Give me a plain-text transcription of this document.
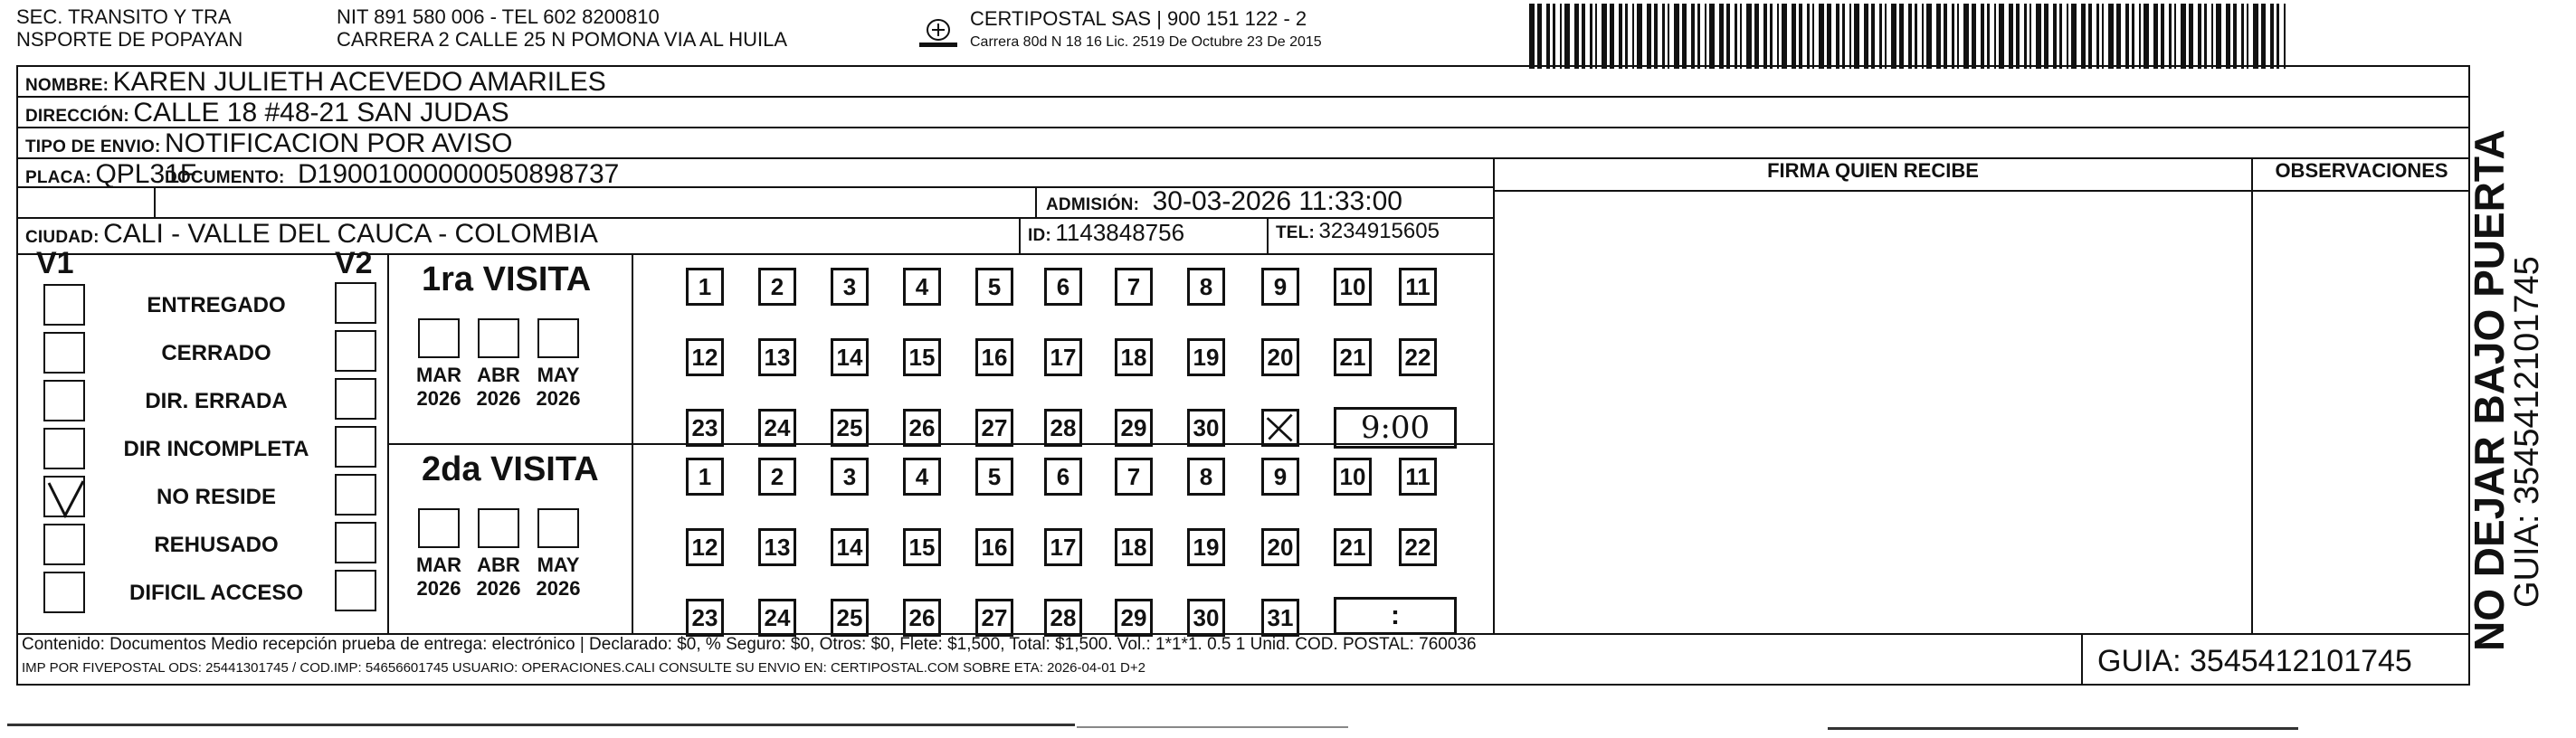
SEC. TRANSITO Y TRA
NSPORTE DE POPAYAN
NIT 891 580 006 - TEL 602 8200810
CARRERA 2 CALLE 25 N POMONA VIA AL HUILA
CERTIPOSTAL SAS | 900 151 122 - 2
Carrera 80d N 18 16 Lic. 2519 De Octubre 23 De 2015
NOMBRE: KAREN JULIETH ACEVEDO AMARILES
DIRECCIÓN: CALLE 18 #48-21 SAN JUDAS
TIPO DE ENVIO: NOTIFICACION POR AVISO
PLACA: QPL31F
DOCUMENTO: D19001000000050898737
ADMISIÓN: 30-03-2026 11:33:00
CIUDAD: CALI - VALLE DEL CAUCA - COLOMBIA	ID: 1143848756	TEL: 3234915605
FIRMA QUIEN RECIBE	OBSERVACIONES
V1	V2
ENTREGADO
CERRADO
DIR. ERRADA
DIR INCOMPLETA
NO RESIDE
REHUSADO
DIFICIL ACCESO
1ra VISITA
2da VISITA
MAR
2026
ABR
2026
MAY
2026
MAR
2026
ABR
2026
MAY
2026
1	2	3	4	5	6	7	8	9	10 11
12 13 14 15 16 17 18 19 20 21 22
23 24 25 26 27 28 29 30	9:00
1	2	3	4	5	6	7	8	9	10 11
12 13 14 15 16 17 18 19 20 21 22
23 24 25 26 27 28 29 30 31	:	NO DEJAR BAJO PUERTA
GUIA: 3545412101745
Contenido: Documentos Medio recepción prueba de entrega: electrónico | Declarado: $0, % Seguro: $0, Otros: $0, Flete: $1,500, Total: $1,500. Vol.: 1*1*1. 0.5 1 Unid. COD. POSTAL: 760036
IMP POR FIVEPOSTAL ODS: 25441301745 / COD.IMP: 54656601745 USUARIO: OPERACIONES.CALI CONSULTE SU ENVIO EN: CERTIPOSTAL.COM SOBRE ETA: 2026-04-01 D+2	GUIA: 3545412101745
